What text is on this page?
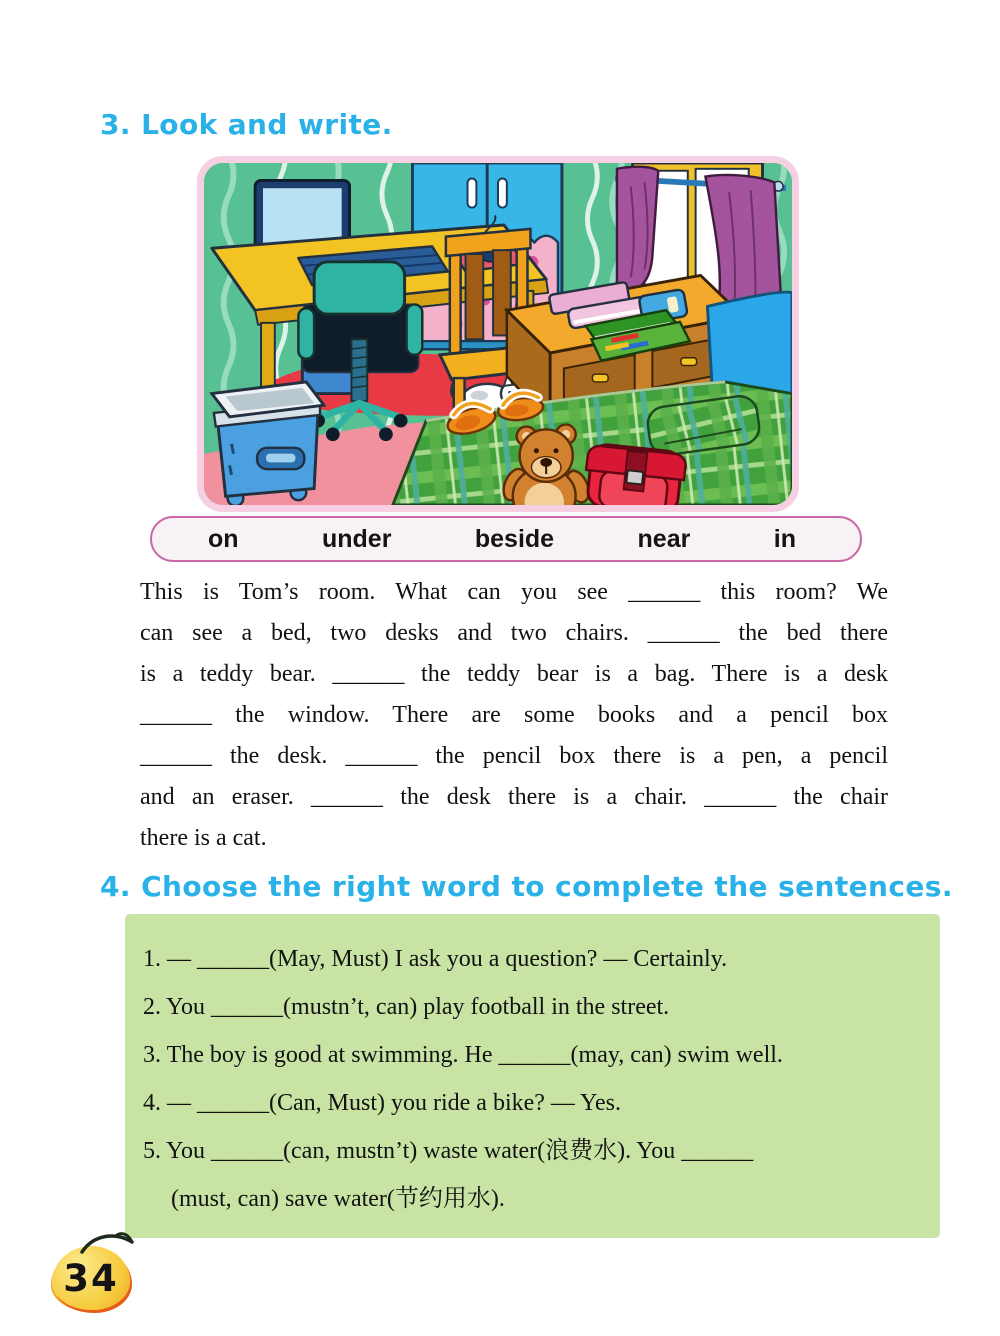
3. Look and write.
on	under	beside	near	in
This is Tom’s room. What can you see ______ this room? We
can see a bed, two desks and two chairs. ______ the bed there
is a teddy bear. ______ the teddy bear is a bag. There is a desk
______ the window. There are some books and a pencil box
______ the desk. ______ the pencil box there is a pen, a pencil
and an eraser. ______ the desk there is a chair. ______ the chair
there is a cat.
4. Choose the right word to complete the sentences.
1. — ______(May, Must) I ask you a question? — Certainly.
2. You ______(mustn’t, can) play football in the street.
3. The boy is good at swimming. He ______(may, can) swim well.
4. — ______(Can, Must) you ride a bike? — Yes.
5. You ______(can, mustn’t) waste water(浪费水). You ______
(must, can) save water(节约用水).
34
